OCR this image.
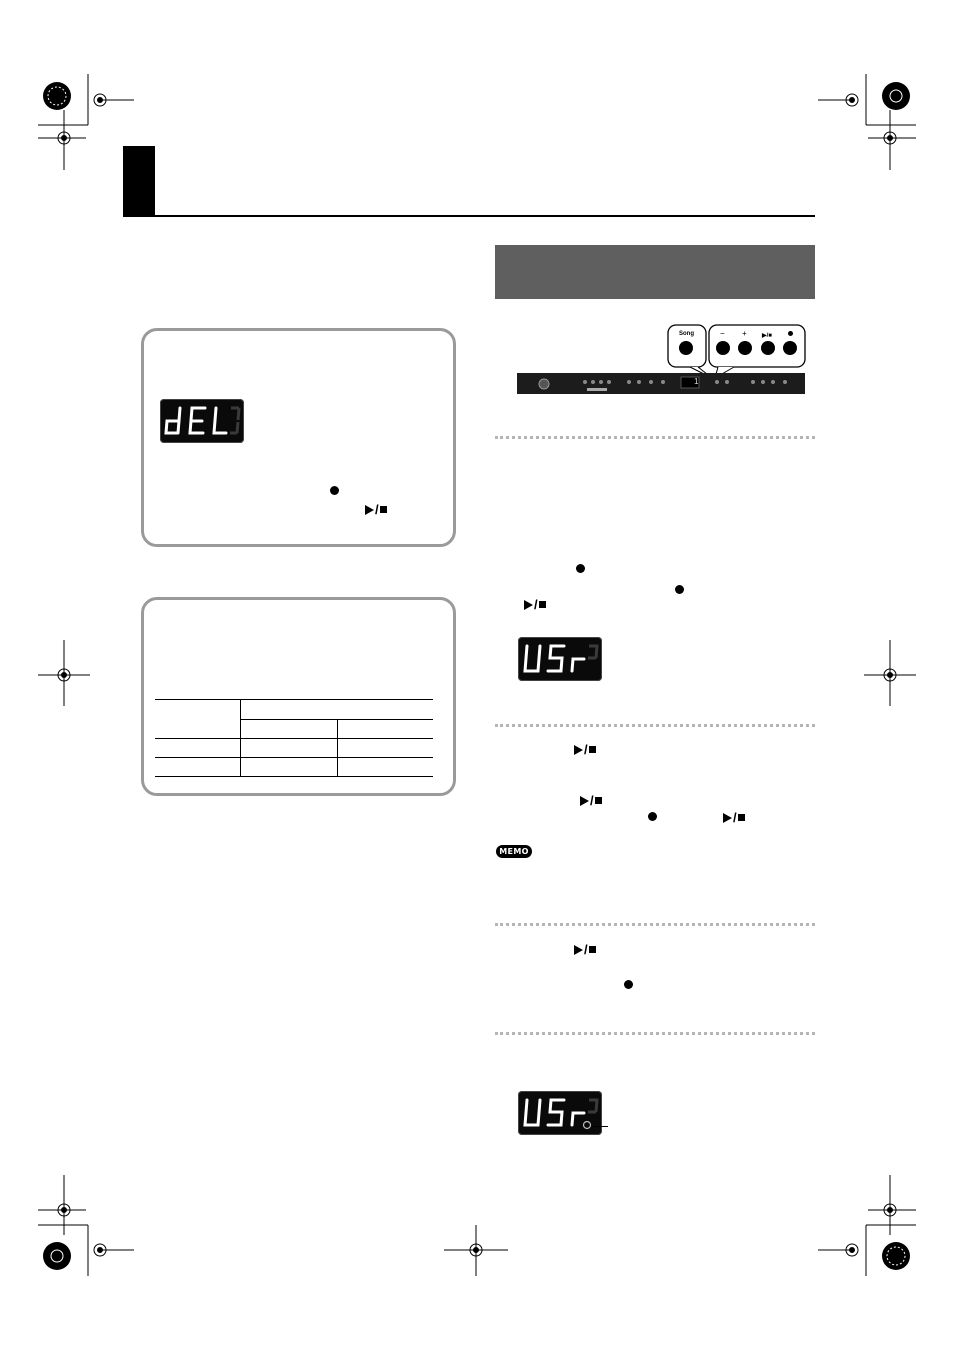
/

Song	− +	▶/■
1
/
/
/
/
MEMO
/
